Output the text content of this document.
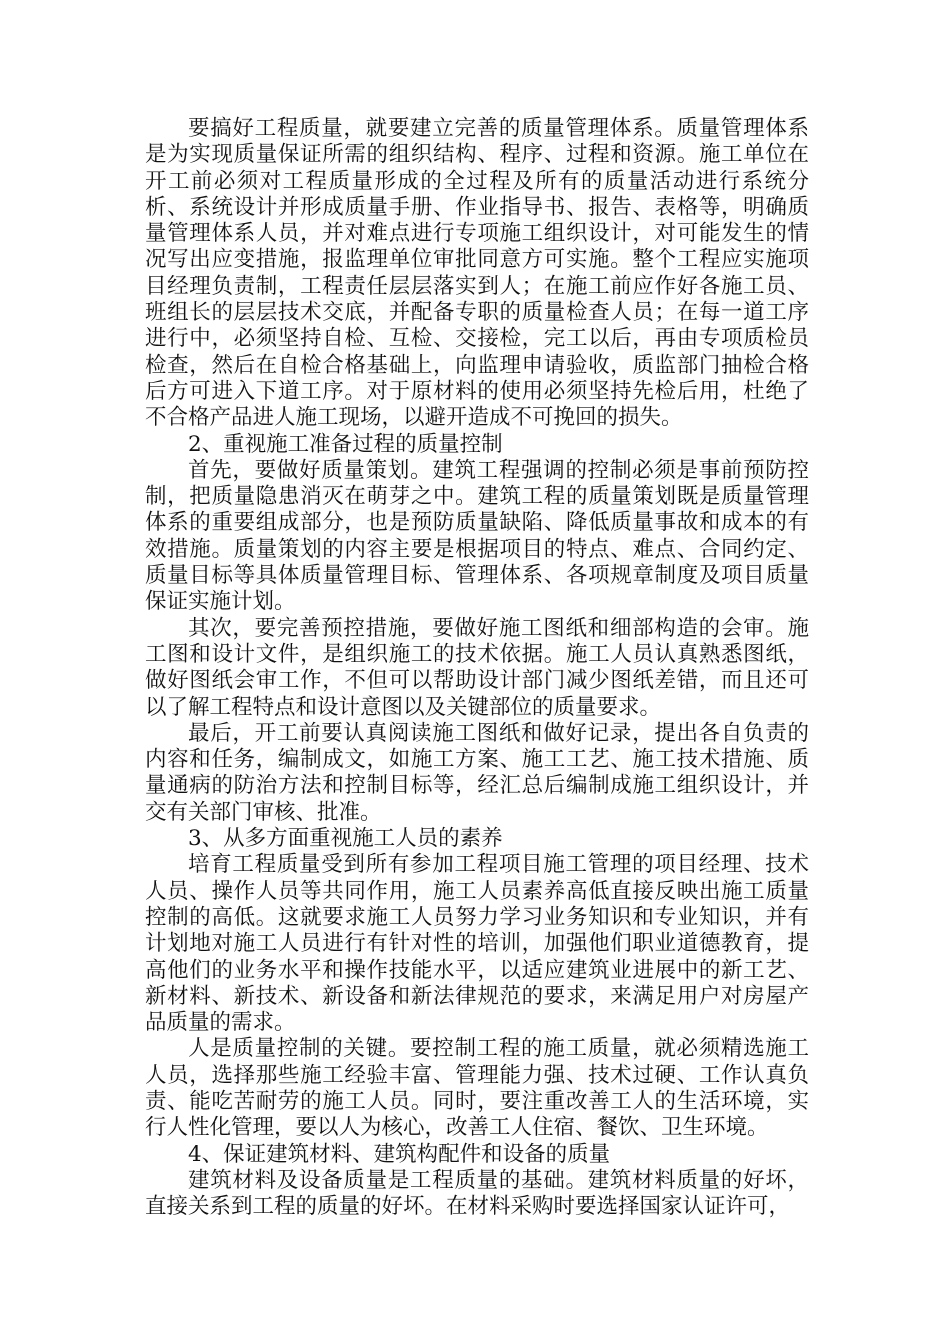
要搞好工程质量，就要建立完善的质量管理体系。质量管理体系是为实现质量保证所需的组织结构、程序、过程和资源。施工单位在开工前必须对工程质量形成的全过程及所有的质量活动进行系统分析、系统设计并形成质量手册、作业指导书、报告、表格等，明确质量管理体系人员，并对难点进行专项施工组织设计，对可能发生的情况写出应变措施，报监理单位审批同意方可实施。整个工程应实施项目经理负责制，工程责任层层落实到人；在施工前应作好各施工员、班组长的层层技术交底，并配备专职的质量检查人员；在每一道工序进行中，必须坚持自检、互检、交接检，完工以后，再由专项质检员检查，然后在自检合格基础上，向监理申请验收，质监部门抽检合格后方可进入下道工序。对于原材料的使用必须坚持先检后用，杜绝了不合格产品进人施工现场，以避开造成不可挽回的损失。

2、重视施工准备过程的质量控制

首先，要做好质量策划。建筑工程强调的控制必须是事前预防控制，把质量隐患消灭在萌芽之中。建筑工程的质量策划既是质量管理体系的重要组成部分，也是预防质量缺陷、降低质量事故和成本的有效措施。质量策划的内容主要是根据项目的特点、难点、合同约定、质量目标等具体质量管理目标、管理体系、各项规章制度及项目质量保证实施计划。

其次，要完善预控措施，要做好施工图纸和细部构造的会审。施工图和设计文件，是组织施工的技术依据。施工人员认真熟悉图纸，做好图纸会审工作，不但可以帮助设计部门减少图纸差错，而且还可以了解工程特点和设计意图以及关键部位的质量要求。

最后，开工前要认真阅读施工图纸和做好记录，提出各自负责的内容和任务，编制成文，如施工方案、施工工艺、施工技术措施、质量通病的防治方法和控制目标等，经汇总后编制成施工组织设计，并交有关部门审核、批准。

3、从多方面重视施工人员的素养

培育工程质量受到所有参加工程项目施工管理的项目经理、技术人员、操作人员等共同作用，施工人员素养高低直接反映出施工质量控制的高低。这就要求施工人员努力学习业务知识和专业知识，并有计划地对施工人员进行有针对性的培训，加强他们职业道德教育，提高他们的业务水平和操作技能水平，以适应建筑业进展中的新工艺、新材料、新技术、新设备和新法律规范的要求，来满足用户对房屋产品质量的需求。

人是质量控制的关键。要控制工程的施工质量，就必须精选施工人员，选择那些施工经验丰富、管理能力强、技术过硬、工作认真负责、能吃苦耐劳的施工人员。同时，要注重改善工人的生活环境，实行人性化管理，要以人为核心，改善工人住宿、餐饮、卫生环境。

4、保证建筑材料、建筑构配件和设备的质量

建筑材料及设备质量是工程质量的基础。建筑材料质量的好坏，直接关系到工程的质量的好坏。在材料采购时要选择国家认证许可，
